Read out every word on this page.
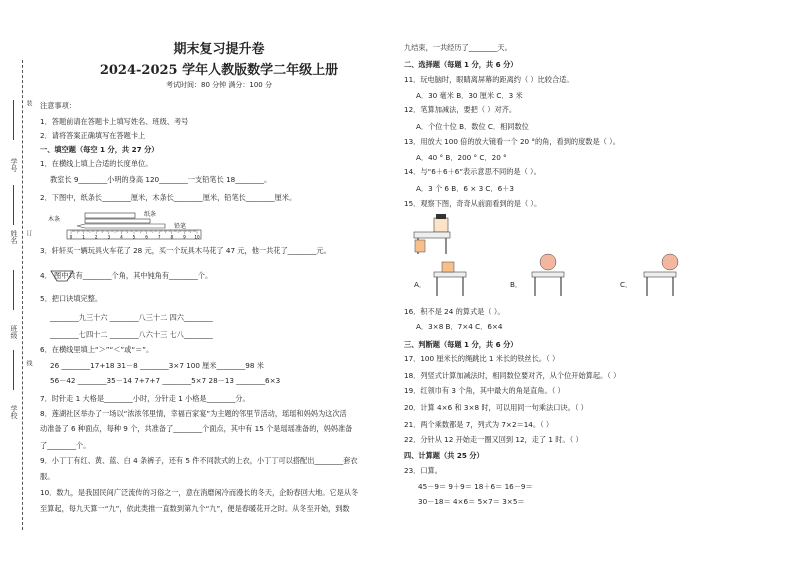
学号
姓名
班级
学校
装
订
线
期末复习提升卷
2024-2025 学年人教版数学二年级上册
考试时间：80 分钟 满分：100 分
注意事项：
1．答题前请在答题卡上填写姓名、班级、考号
2．请将答案正确填写在答题卡上
一、填空题（每空 1 分，共 27 分）
1．在横线上填上合适的长度单位。
教室长 9________小明的身高 120________一支铅笔长 18________。
2．下图中，纸条长________厘米，木条长________厘米，铅笔长________厘米。
3．轩轩买一辆玩具火车花了 28 元，买一个玩具木马花了 47 元，他一共花了________元。
4． 图中共有________个角，其中钝角有________个。
5．把口诀填完整。
________九三十六 ________八三十二 四六________
________七四十二 ________八六十三 七八________
6．在横线里填上“＞”“＜”或“＝”。
26 ________17+18 31－8 ________3×7 100 厘米________98 米
56－42 ________35－14 7+7+7 ________5×7 28－13 ________6×3
7．时针走 1 大格是________小时，分针走 1 小格是________分。
8．莲湖社区举办了一场以“浓浓邻里情，幸福百家宴”为主题的邻里节活动，瑶瑶和妈妈为这次活
动准备了 6 种面点，每种 9 个，共准备了________个面点，其中有 15 个是瑶瑶准备的，妈妈准备
了________个。
9．小丁丁有红、黄、蓝、白 4 条裤子，还有 5 件不同款式的上衣，小丁丁可以搭配出________套衣
服。
10．数九，是我国民间广泛流传的习俗之一，意在消磨闲冷而漫长的冬天，企盼春回大地。它是从冬
至算起，每九天算一“九”，依此类推一直数到第九个“九”，便是春暖花开之时。从冬至开始，到数
0 1 2 3 4 5 6 7 8 9 10
木条
纸条
铅笔
九结束，一共经历了________天。
二、选择题（每题 1 分，共 6 分）
11．玩电脑时，眼睛离屏幕的距离约（ ）比较合适。
A．30 毫米 B．30 厘米 C．3 米
12．笔算加减法，要把（ ）对齐。
A．个位十位 B．数位 C．相同数位
13．用放大 100 倍的放大镜看一个 20 °的角，看到的度数是（ ）。
A．40 ° B．200 ° C．20 °
14．与“6＋6＋6”表示意思不同的是（ ）。
A．3 个 6 B．6 × 3 C．6＋3
15．观察下图，奇奇从前面看到的是（ ）。
16．积不是 24 的算式是（ ）。
A．3×8 B．7×4 C．6×4
三、判断题（每题 1 分，共 6 分）
17．100 厘米长的绳跳比 1 米长的铁丝长。（ ）
18．列竖式计算加减法时，相同数位要对齐，从个位开始算起。（ ）
19．红领巾有 3 个角，其中最大的角是直角。（ ）
20．计算 4×6 和 3×8 时，可以用同一句乘法口诀。（ ）
21．两个乘数都是 7，列式为 7×2＝14。（ ）
22．分针从 12 开始走一圈又回到 12，走了 1 时。（ ）
四、计算题（共 25 分）
23．口算。
45－9＝ 9＋9＝ 18＋6＝ 16－9＝
30－18＝ 4×6＝ 5×7＝ 3×5＝
A．	B．	C．
